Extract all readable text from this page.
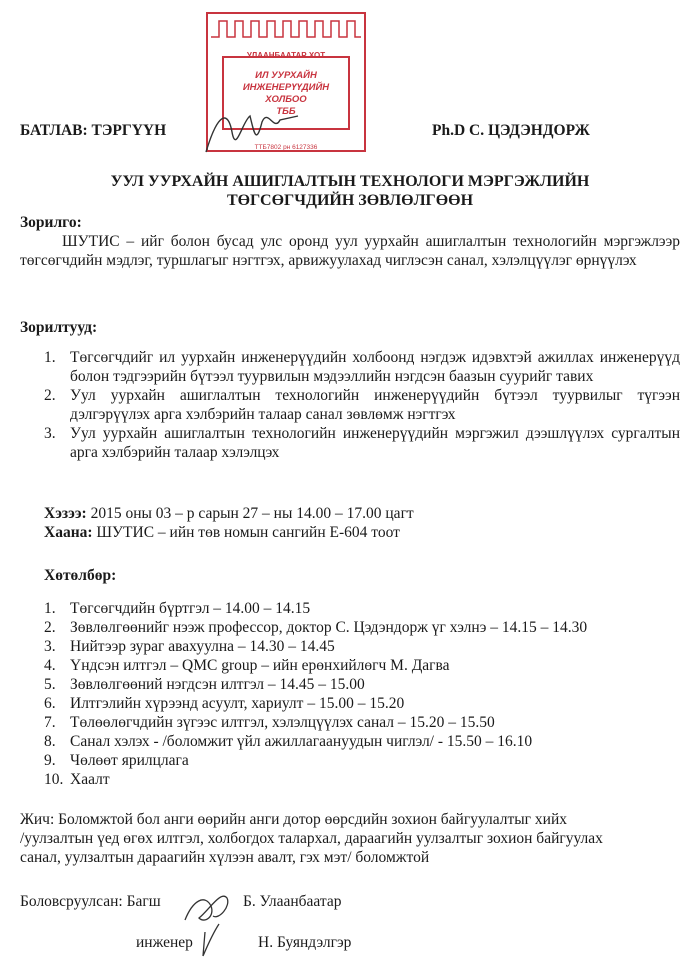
УЛААНБААТАР ХОТ
ИЛ УУРХАЙН
ИНЖЕНЕРҮҮДИЙН
ХОЛБОО
ТББ
ТТБ7802 рн 6127336
БАТЛАВ: ТЭРГҮҮН	Ph.D С. ЦЭДЭНДОРЖ
УУЛ УУРХАЙН АШИГЛАЛТЫН ТЕХНОЛОГИ МЭРГЭЖЛИЙН
ТӨГСӨГЧДИЙН ЗӨВЛӨЛГӨӨН
Зорилго:
ШУТИС – ийг болон бусад улс оронд уул уурхайн ашиглалтын технологийн мэргэжлээр төгсөгчдийн мэдлэг, туршлагыг нэгтгэх, арвижуулахад чиглэсэн санал, хэлэлцүүлэг өрнүүлэх
Зорилтууд:
1. Төгсөгчдийг ил уурхайн инженерүүдийн холбоонд нэгдэж идэвхтэй ажиллах инженерүүд болон тэдгээрийн бүтээл туурвилын мэдээллийн нэгдсэн баазын суурийг тавих
2. Уул уурхайн ашиглалтын технологийн инженерүүдийн бүтээл туурвилыг түгээн дэлгэрүүлэх арга хэлбэрийн талаар санал зөвлөмж нэгтгэх
3. Уул уурхайн ашиглалтын технологийн инженерүүдийн мэргэжил дээшлүүлэх сургалтын арга хэлбэрийн талаар хэлэлцэх
Хэзээ: 2015 оны 03 – р сарын 27 – ны 14.00 – 17.00 цагт
Хаана: ШУТИС – ийн төв номын сангийн Е-604 тоот
Хөтөлбөр:
1. Төгсөгчдийн бүртгэл – 14.00 – 14.15
2. Зөвлөлгөөнийг нээж профессор, доктор С. Цэдэндорж үг хэлнэ – 14.15 – 14.30
3. Нийтээр зураг авахуулна – 14.30 – 14.45
4. Үндсэн илтгэл – QMC group – ийн ерөнхийлөгч М. Дагва
5. Зөвлөлгөөний нэгдсэн илтгэл – 14.45 – 15.00
6. Илтгэлийн хүрээнд асуулт, хариулт – 15.00 – 15.20
7. Төлөөлөгчдийн зүгээс илтгэл, хэлэлцүүлэх санал – 15.20 – 15.50
8. Санал хэлэх - /боломжит үйл ажиллагаануудын чиглэл/ - 15.50 – 16.10
9. Чөлөөт ярилцлага
10. Хаалт
Жич: Боломжтой бол анги өөрийн анги дотор өөрсдийн зохион байгуулалтыг хийх
/уулзалтын үед өгөх илтгэл, холбогдох талархал, дараагийн уулзалтыг зохион байгуулах
санал, уулзалтын дараагийн хүлээн авалт, гэх мэт/ боломжтой
Боловсруулсан: Багш	Б. Улаанбаатар
инженер	Н. Буяндэлгэр
